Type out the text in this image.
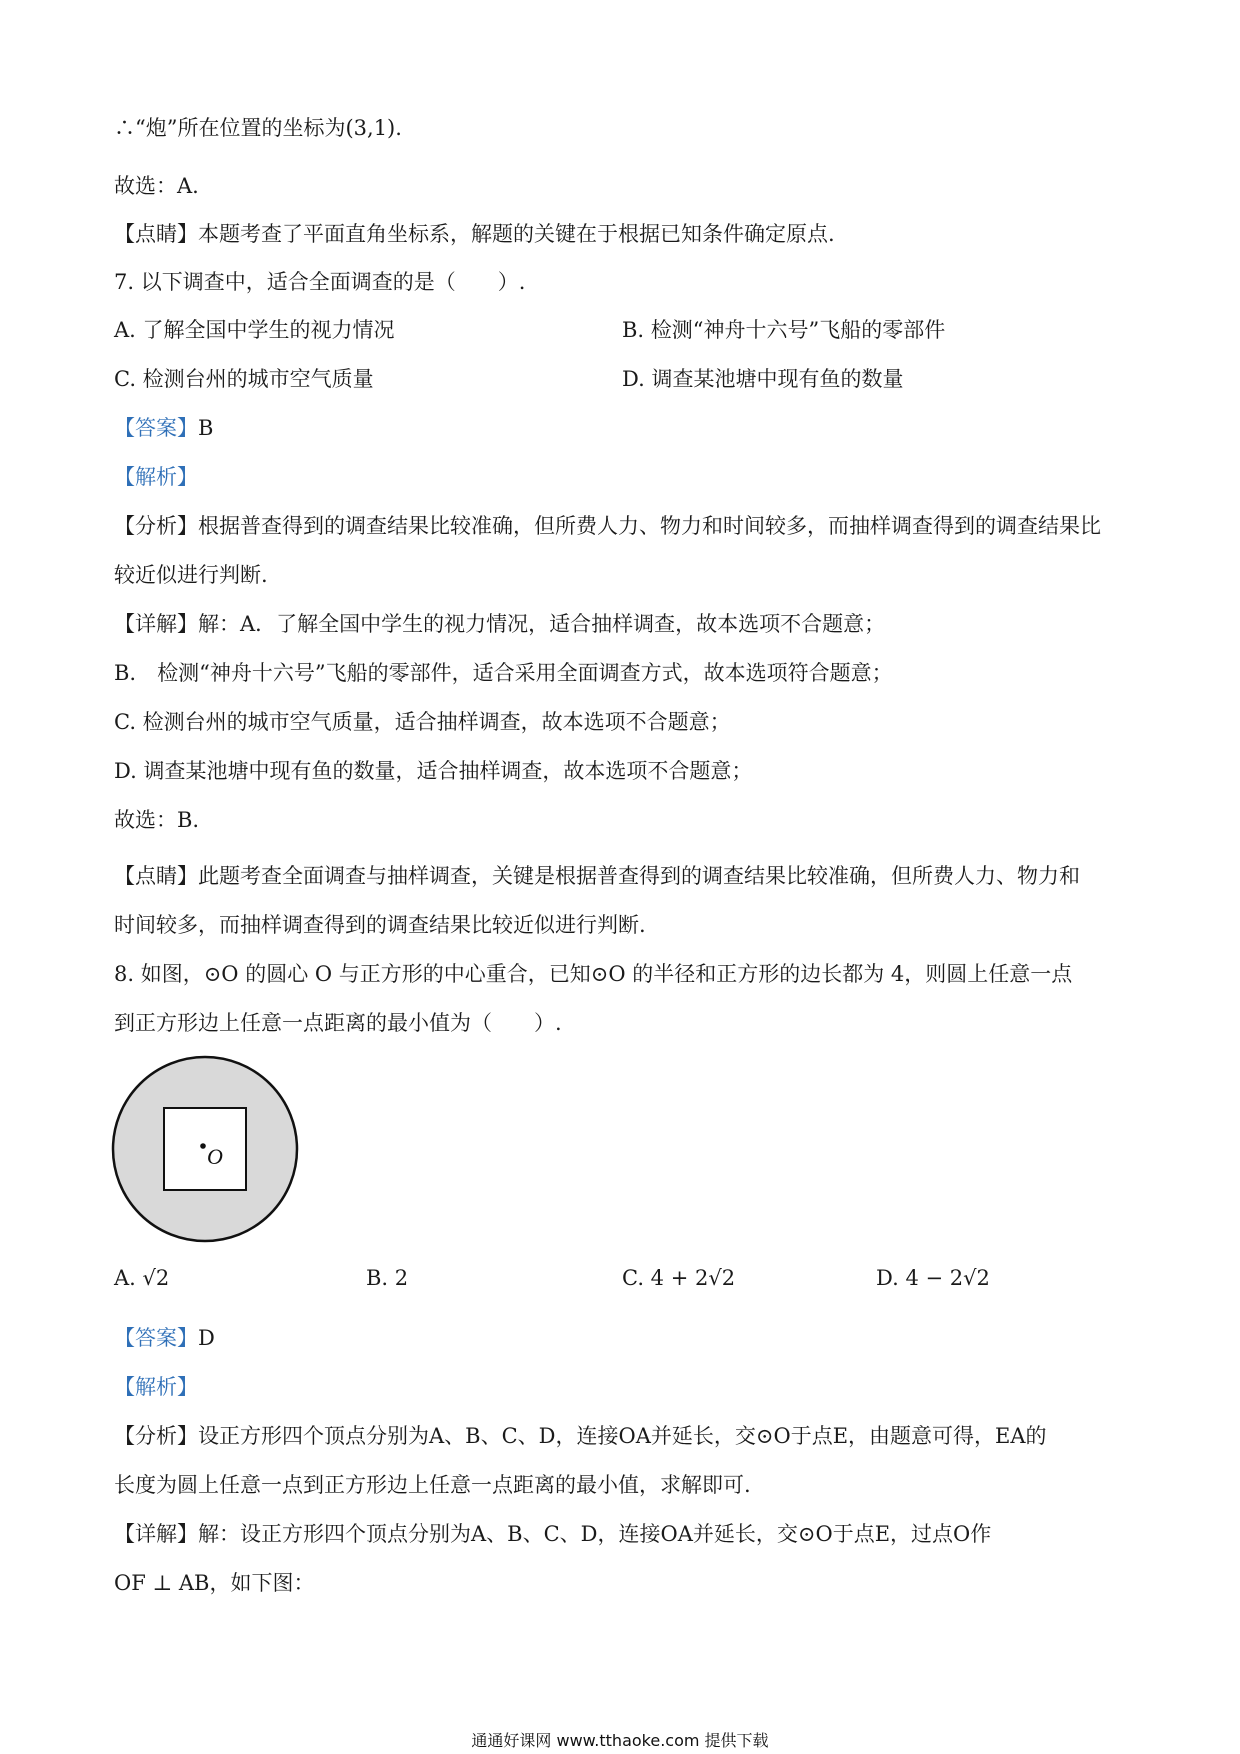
∴“炮”所在位置的坐标为(3,1).
故选：A.
【点睛】本题考查了平面直角坐标系，解题的关键在于根据已知条件确定原点.
7. 以下调查中，适合全面调查的是（　　）.
A. 了解全国中学生的视力情况	B. 检测“神舟十六号”飞船的零部件
C. 检测台州的城市空气质量	D. 调查某池塘中现有鱼的数量
【答案】B
【解析】
【分析】根据普查得到的调查结果比较准确，但所费人力、物力和时间较多，而抽样调查得到的调查结果比
较近似进行判断.
【详解】解：A．了解全国中学生的视力情况，适合抽样调查，故本选项不合题意；
B.　检测“神舟十六号”飞船的零部件，适合采用全面调查方式，故本选项符合题意；
C. 检测台州的城市空气质量，适合抽样调查，故本选项不合题意；
D. 调查某池塘中现有鱼的数量，适合抽样调查，故本选项不合题意；
故选：B.
【点睛】此题考查全面调查与抽样调查，关键是根据普查得到的调查结果比较准确，但所费人力、物力和
时间较多，而抽样调查得到的调查结果比较近似进行判断.
8. 如图，⊙O 的圆心 O 与正方形的中心重合，已知⊙O 的半径和正方形的边长都为 4，则圆上任意一点
到正方形边上任意一点距离的最小值为（　　）.
O
A. √2	B. 2	C. 4 + 2√2	D. 4 − 2√2
【答案】D
【解析】
【分析】设正方形四个顶点分别为A、B、C、D，连接OA并延长，交⊙O于点E，由题意可得，EA的
长度为圆上任意一点到正方形边上任意一点距离的最小值，求解即可.
【详解】解：设正方形四个顶点分别为A、B、C、D，连接OA并延长，交⊙O于点E，过点O作
OF ⊥ AB，如下图：
通通好课网 www.tthaoke.com 提供下载
